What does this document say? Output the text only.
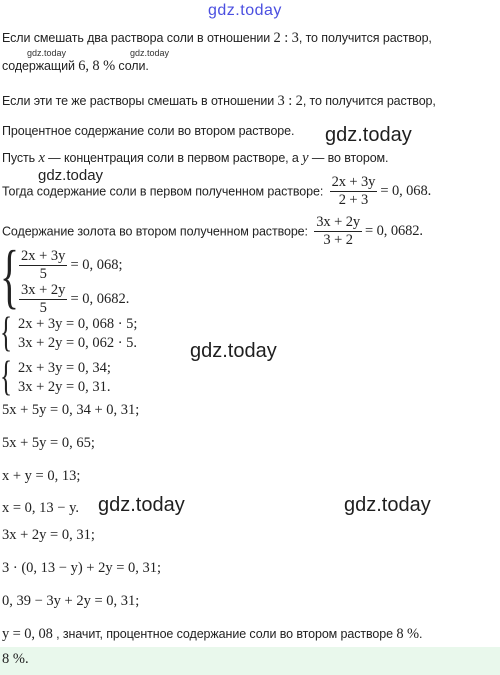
gdz.today
Если смешать два раствора соли в отношении 2 : 3, то получится раствор,
gdz.today	gdz.today
содержащий 6, 8 % соли.
Если эти те же растворы смешать в отношении 3 : 2, то получится раствор,
Процентное содержание соли во втором растворе. gdz.today
Пусть x — концентрация соли в первом растворе, а y — во втором.
gdz.today
Тогда содержание соли в первом полученном растворе: $\frac{2x + 3y}{2 + 3} = 0$, 068.
Содержание золота во втором полученном растворе: $\frac{3x + 2y}{3 + 2} = 0$, 0682.
{ $\frac{2x + 3y}{5} = 0$, 068;
$\frac{3x + 2y}{5} = 0$, 0682.
{ 2x + 3y = 0, 068 · 5;
3x + 2y = 0, 062 · 5.	gdz.today
{ 2x + 3y = 0, 34;
3x + 2y = 0, 31.
5x + 5y = 0, 34 + 0, 31;
5x + 5y = 0, 65;
x + y = 0, 13;
x = 0, 13 − y. gdz.today	gdz.today
3x + 2y = 0, 31;
3 · (0, 13 − y) + 2y = 0, 31;
0, 39 − 3y + 2y = 0, 31;
y = 0, 08 , значит, процентное содержание соли во втором растворе 8 %.
8 %.
